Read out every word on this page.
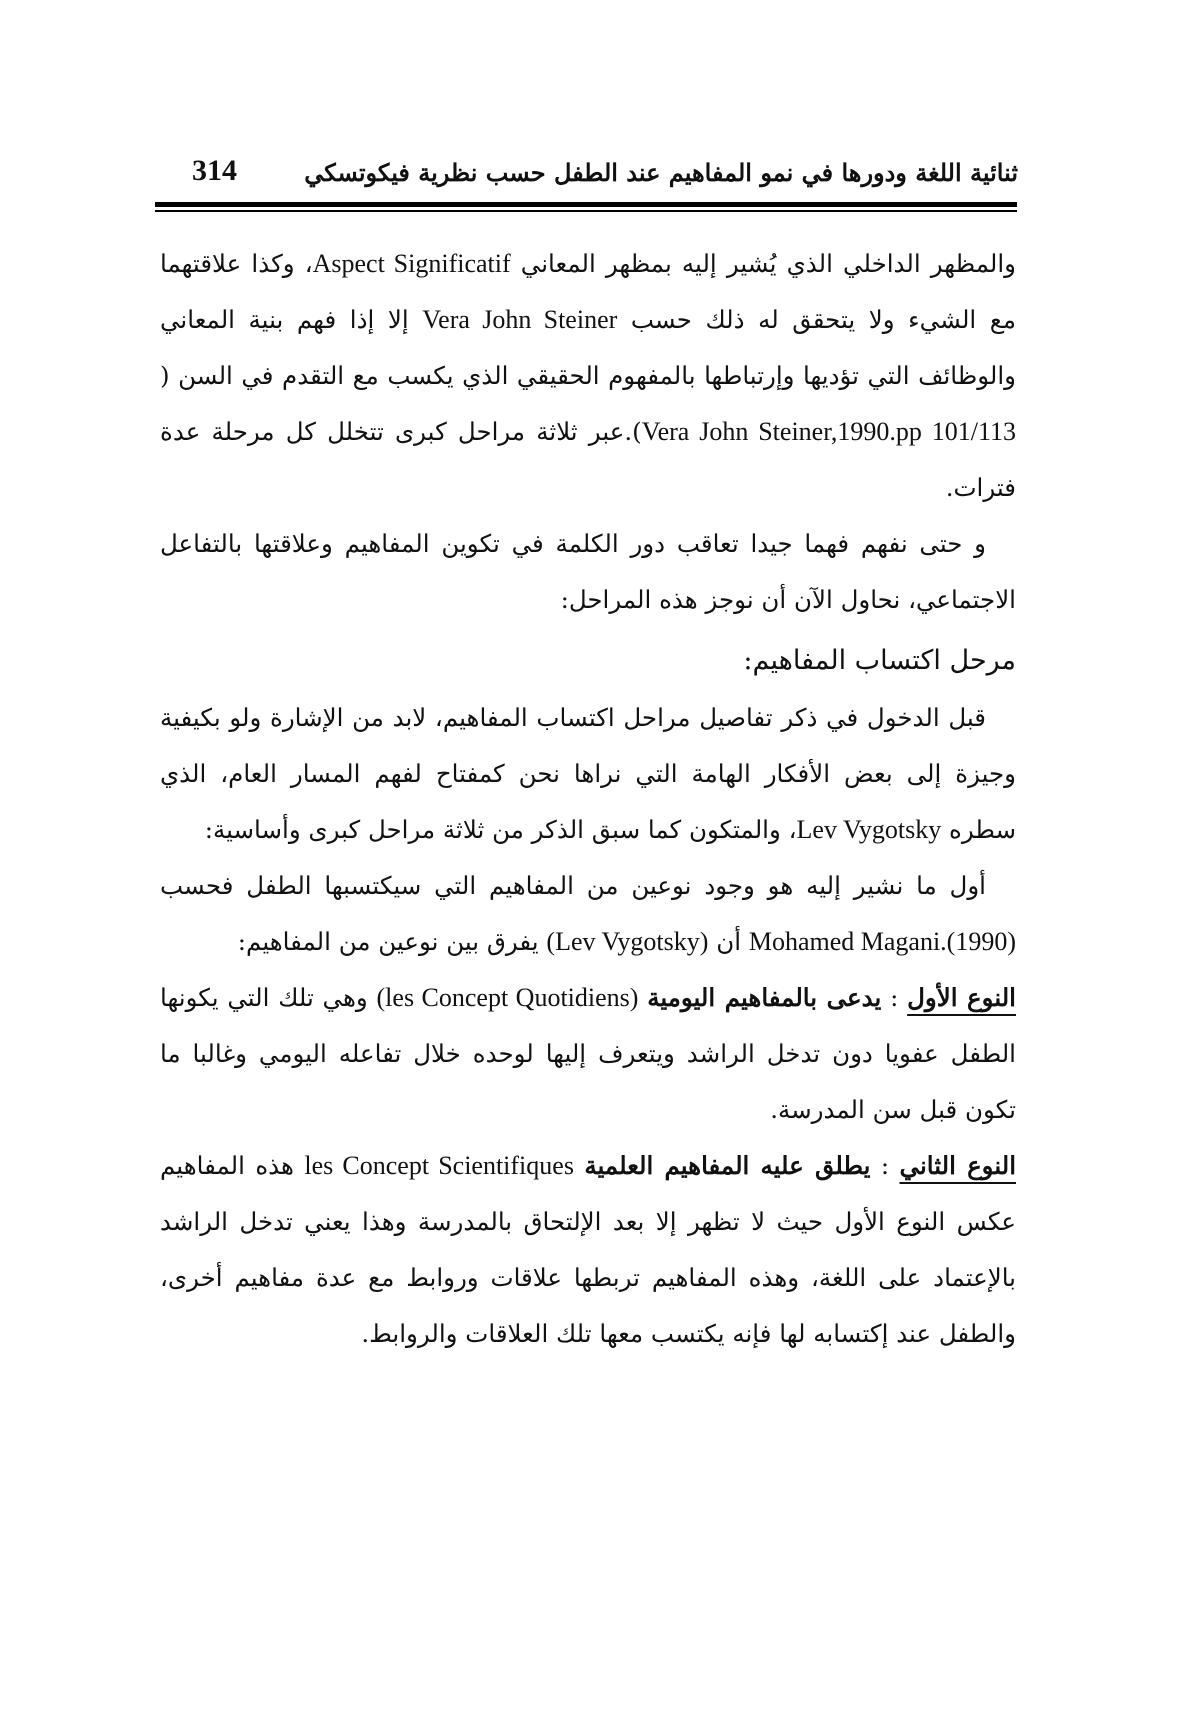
ثنائية اللغة ودورها في نمو المفاهيم عند الطفل حسب نظرية فيكوتسكي
314

والمظهر الداخلي الذي يُشير إليه بمظهر المعاني Aspect Significatif، وكذا علاقتهما مع الشيء ولا يتحقق له ذلك حسب Vera John Steiner إلا إذا فهم بنية المعاني والوظائف التي تؤديها وإرتباطها بالمفهوم الحقيقي الذي يكسب مع التقدم في السن ( Vera John Steiner,1990.pp 101/113).عبر ثلاثة مراحل كبرى تتخلل كل مرحلة عدة فترات.

و حتى نفهم فهما جيدا تعاقب دور الكلمة في تكوين المفاهيم وعلاقتها بالتفاعل الاجتماعي، نحاول الآن أن نوجز هذه المراحل:

مرحل اكتساب المفاهيم:

قبل الدخول في ذكر تفاصيل مراحل اكتساب المفاهيم، لابد من الإشارة ولو بكيفية وجيزة إلى بعض الأفكار الهامة التي نراها نحن كمفتاح لفهم المسار العام، الذي سطره Lev Vygotsky، والمتكون كما سبق الذكر من ثلاثة مراحل كبرى وأساسية:

أول ما نشير إليه هو وجود نوعين من المفاهيم التي سيكتسبها الطفل فحسب Mohamed Magani.(1990) أن (Lev Vygotsky) يفرق بين نوعين من المفاهيم:

النوع الأول : يدعى بالمفاهيم اليومية (les Concept Quotidiens) وهي تلك التي يكونها الطفل عفويا دون تدخل الراشد ويتعرف إليها لوحده خلال تفاعله اليومي وغالبا ما تكون قبل سن المدرسة.

النوع الثاني : يطلق عليه المفاهيم العلمية les Concept Scientifiques هذه المفاهيم عكس النوع الأول حيث لا تظهر إلا بعد الإلتحاق بالمدرسة وهذا يعني تدخل الراشد بالإعتماد على اللغة، وهذه المفاهيم تربطها علاقات وروابط مع عدة مفاهيم أخرى، والطفل عند إكتسابه لها فإنه يكتسب معها تلك العلاقات والروابط.
